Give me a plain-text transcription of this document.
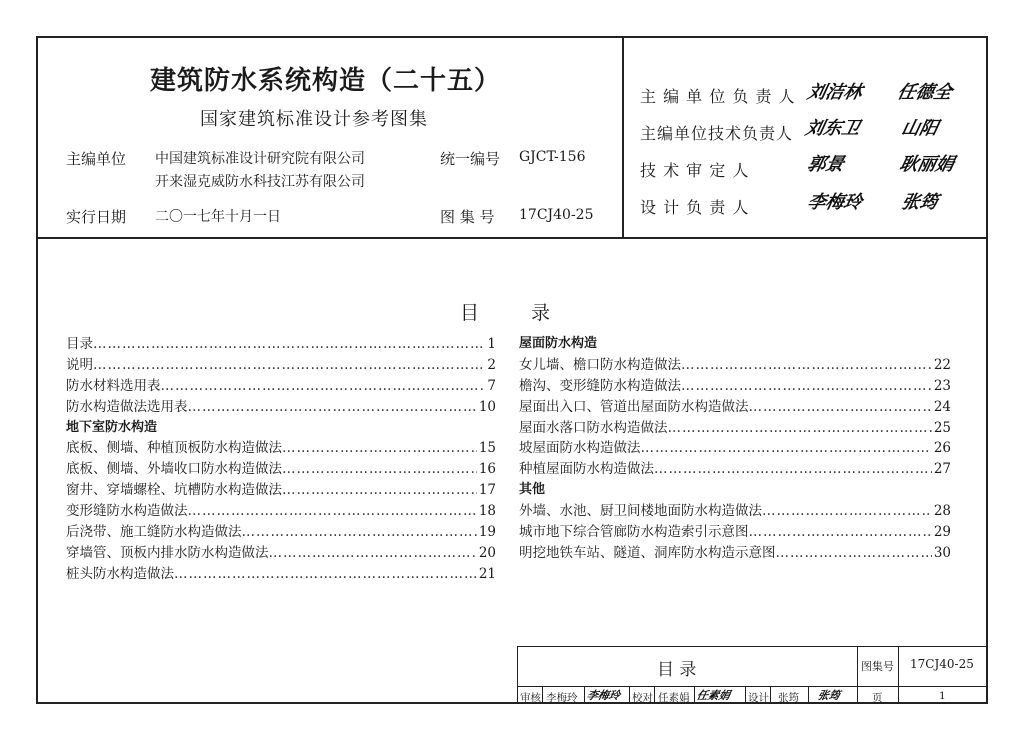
建筑防水系统构造（二十五）
国家建筑标准设计参考图集
主编单位 中国建筑标准设计研究院有限公司
开来湿克威防水科技江苏有限公司
统一编号 GJCT-156
实行日期 二〇一七年十月一日	图 集 号 17CJ40-25
主 编 单 位 负 责 人 刘洁林 任德全
主编单位技术负责人 刘东卫 山阳
技 术 审 定 人	郭景	耿丽娟
设 计 负 责 人	李梅玲 张筠
目	录
目录 ……………………………………………………………………………………………………………………………………………………………………	1
说明 ……………………………………………………………………………………………………………………………………………………………………	2
防水材料选用表 ……………………………………………………………………………………………………………………………………………………………………	7
防水构造做法选用表 ……………………………………………………………………………………………………………………………………………………………………	10
地下室防水构造
底板、侧墙、种植顶板防水构造做法 ……………………………………………………………………………………………………………………………………………………………………	15
底板、侧墙、外墙收口防水构造做法 ……………………………………………………………………………………………………………………………………………………………………	16
窗井、穿墙螺栓、坑槽防水构造做法 ……………………………………………………………………………………………………………………………………………………………………	17
变形缝防水构造做法 ……………………………………………………………………………………………………………………………………………………………………	18
后浇带、施工缝防水构造做法 ……………………………………………………………………………………………………………………………………………………………………	19
穿墙管、顶板内排水防水构造做法 ……………………………………………………………………………………………………………………………………………………………………	20
桩头防水构造做法 ……………………………………………………………………………………………………………………………………………………………………	21
屋面防水构造
女儿墙、檐口防水构造做法 ……………………………………………………………………………………………………………………………………………………………………	22
檐沟、变形缝防水构造做法 ……………………………………………………………………………………………………………………………………………………………………	23
屋面出入口、管道出屋面防水构造做法 ……………………………………………………………………………………………………………………………………………………………………	24
屋面水落口防水构造做法 ……………………………………………………………………………………………………………………………………………………………………	25
坡屋面防水构造做法 ……………………………………………………………………………………………………………………………………………………………………	26
种植屋面防水构造做法 ……………………………………………………………………………………………………………………………………………………………………	27
其他
外墙、水池、厨卫间楼地面防水构造做法 ……………………………………………………………………………………………………………………………………………………………………	28
城市地下综合管廊防水构造索引示意图 ……………………………………………………………………………………………………………………………………………………………………	29
明挖地铁车站、隧道、洞库防水构造示意图 ……………………………………………………………………………………………………………………………………………………………………	30
目 录	图集号 17CJ40-25
审核 李梅玲 李梅玲 校对 任素娟 任素娟 设计 张筠 张筠	页	1
